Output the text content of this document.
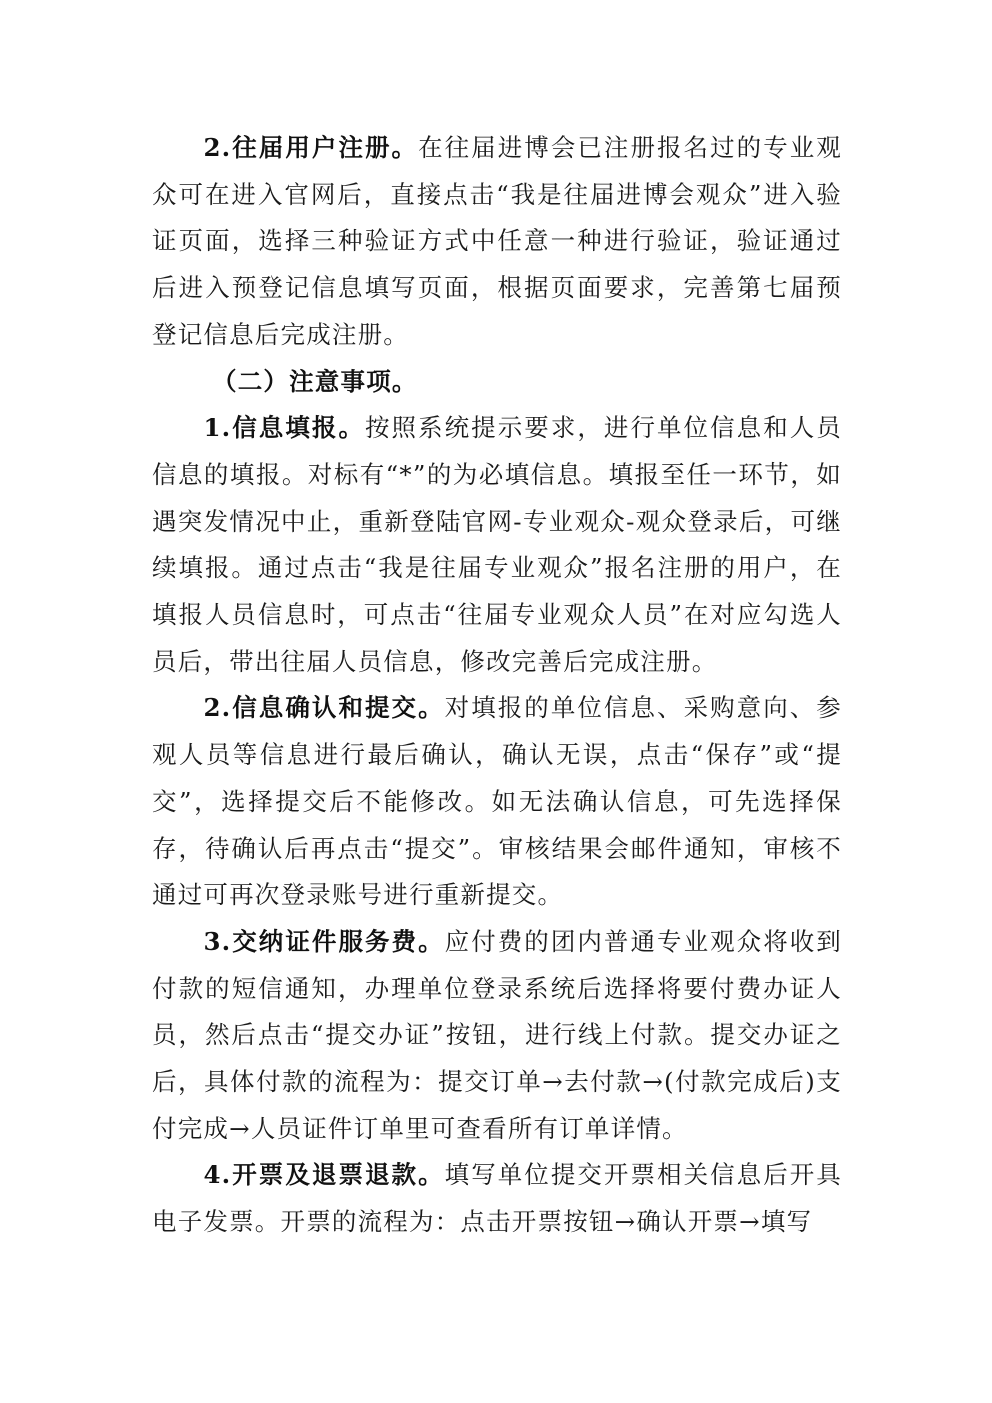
2.往届用户注册。在往届进博会已注册报名过的专业观众可在进入官网后，直接点击“我是往届进博会观众”进入验证页面，选择三种验证方式中任意一种进行验证，验证通过后进入预登记信息填写页面，根据页面要求，完善第七届预登记信息后完成注册。

（二）注意事项。

1.信息填报。按照系统提示要求，进行单位信息和人员信息的填报。对标有“*”的为必填信息。填报至任一环节，如遇突发情况中止，重新登陆官网-专业观众-观众登录后，可继续填报。通过点击“我是往届专业观众”报名注册的用户，在填报人员信息时，可点击“往届专业观众人员”在对应勾选人员后，带出往届人员信息，修改完善后完成注册。

2.信息确认和提交。对填报的单位信息、采购意向、参观人员等信息进行最后确认，确认无误，点击“保存”或“提交”，选择提交后不能修改。如无法确认信息，可先选择保存，待确认后再点击“提交”。审核结果会邮件通知，审核不通过可再次登录账号进行重新提交。

3.交纳证件服务费。应付费的团内普通专业观众将收到付款的短信通知，办理单位登录系统后选择将要付费办证人员，然后点击“提交办证”按钮，进行线上付款。提交办证之后，具体付款的流程为：提交订单→去付款→(付款完成后)支付完成→人员证件订单里可查看所有订单详情。

4.开票及退票退款。填写单位提交开票相关信息后开具电子发票。开票的流程为：点击开票按钮→确认开票→填写
